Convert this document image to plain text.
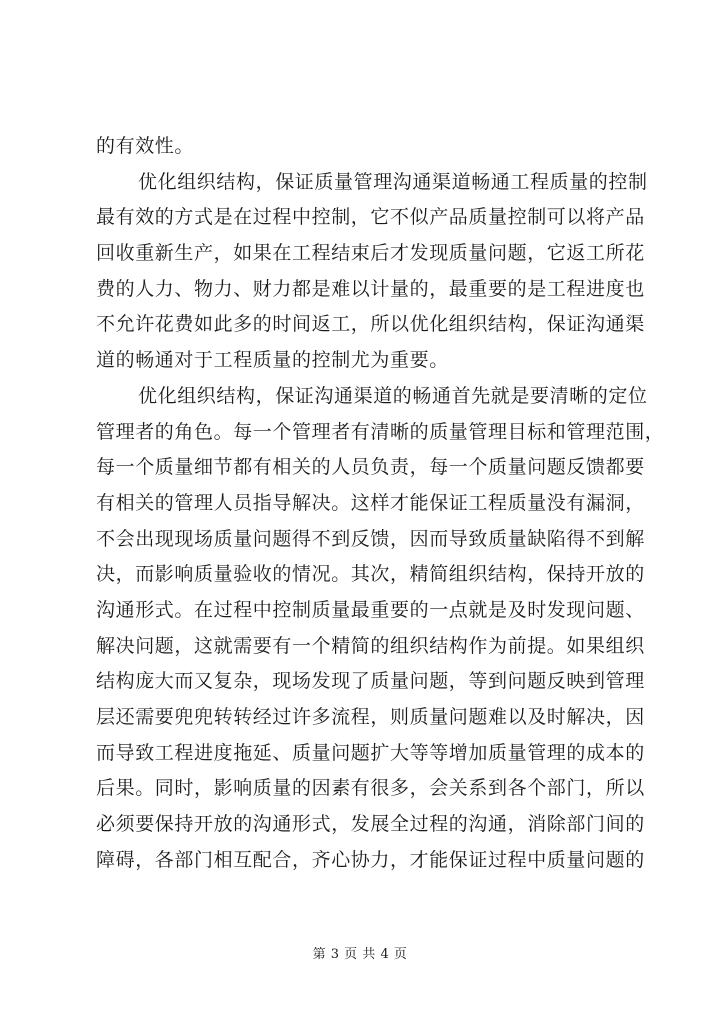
的有效性。
优化组织结构，保证质量管理沟通渠道畅通工程质量的控制
最有效的方式是在过程中控制，它不似产品质量控制可以将产品
回收重新生产，如果在工程结束后才发现质量问题，它返工所花
费的人力、物力、财力都是难以计量的，最重要的是工程进度也
不允许花费如此多的时间返工，所以优化组织结构，保证沟通渠
道的畅通对于工程质量的控制尤为重要。
优化组织结构，保证沟通渠道的畅通首先就是要清晰的定位
管理者的角色。每一个管理者有清晰的质量管理目标和管理范围，
每一个质量细节都有相关的人员负责，每一个质量问题反馈都要
有相关的管理人员指导解决。这样才能保证工程质量没有漏洞，
不会出现现场质量问题得不到反馈，因而导致质量缺陷得不到解
决，而影响质量验收的情况。其次，精简组织结构，保持开放的
沟通形式。在过程中控制质量最重要的一点就是及时发现问题、
解决问题，这就需要有一个精简的组织结构作为前提。如果组织
结构庞大而又复杂，现场发现了质量问题，等到问题反映到管理
层还需要兜兜转转经过许多流程，则质量问题难以及时解决，因
而导致工程进度拖延、质量问题扩大等等增加质量管理的成本的
后果。同时，影响质量的因素有很多，会关系到各个部门，所以
必须要保持开放的沟通形式，发展全过程的沟通，消除部门间的
障碍，各部门相互配合，齐心协力，才能保证过程中质量问题的
第 3 页 共 4 页
